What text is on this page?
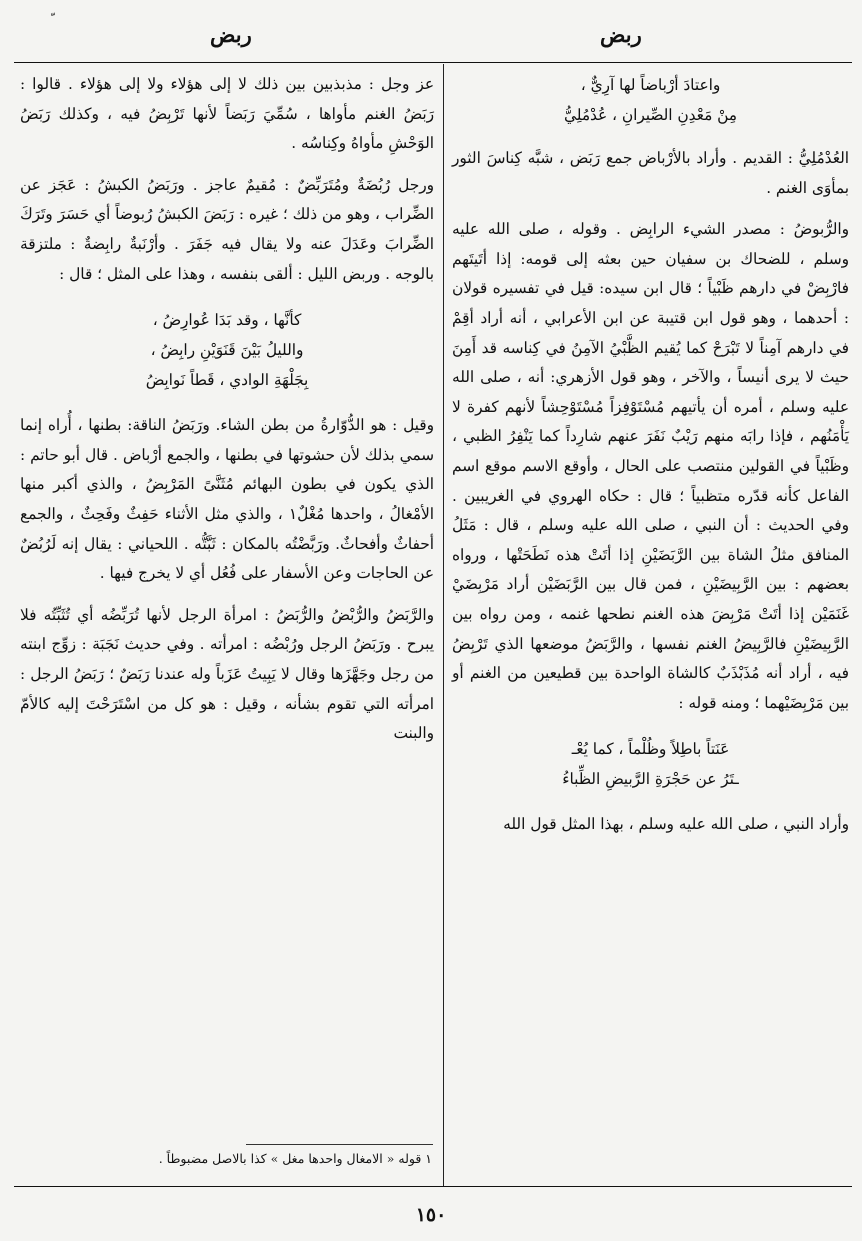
ربض
ربض
واعتادَ أرْباضاً لها آرِيٌّ ،
مِنْ مَعْدِنِ الصِّيرانِ ، عُدْمُلِيُّ

العُدْمُلِيُّ : القديم . وأراد بالأرْباض جمع رَبَض ، شبَّه كِناسَ الثور بمأوَى الغنم .

والرُّبوضُ : مصدر الشيء الرابِض . وقوله ، صلى الله عليه وسلم ، للضحاك بن سفيان حين بعثه إلى قومه: إذا أتَيتَهم فارْبِضْ في دارهم ظَبْياً ؛ قال ابن سيده: قيل في تفسيره قولان : أحدهما ، وهو قول ابن قتيبة عن ابن الأعرابي ، أنه أراد أقِمْ في دارهم آمِناً لا تَبْرَحْ كما يُقيم الظَّبْيُ الآمِنُ في كِناسه قد أَمِنَ حيث لا يرى أنيساً ، والآخر ، وهو قول الأزهري: أنه ، صلى الله عليه وسلم ، أمره أن يأتيهم مُسْتَوْفِزاً مُسْتَوْحِشاً لأنهم كفرة لا يَأْمَنُهم ، فإذا رابَه منهم رَيْبٌ نَفَرَ عنهم شارِداً كما يَنْفِرُ الظبي ، وظَبْياً في القولين منتصب على الحال ، وأوقع الاسم موقع اسم الفاعل كأنه قدّره متظبياً ؛ قال : حكاه الهروي في الغريبين . وفي الحديث : أن النبي ، صلى الله عليه وسلم ، قال : مَثَلُ المنافق مثلُ الشاة بين الرَّبَضَيْنِ إذا أتَتْ هذه نَطَحَتْها ، ورواه بعضهم : بين الرَّبِيضَيْنِ ، فمن قال بين الرَّبَضَيْن أراد مَرْبِضَيْ غَنَمَيْن إذا أتَتْ مَرْبِضَ هذه الغنم نطحها غنمه ، ومن رواه بين الرَّبِيضَيْنِ فالرَّبِيضُ الغنم نفسها ، والرَّبَضُ موضعها الذي تَرْبِضُ فيه ، أراد أنه مُذَبْذَبٌ كالشاة الواحدة بين قطيعين من الغنم أو بين مَرْبِضَيْهما ؛ ومنه قوله :

عَنَتاً باطِلاً وظُلْماً ، كما يُعْـ
ـتَرُ عن حَجْرَةِ الرَّبيضِ الظِّباءُ

وأراد النبي ، صلى الله عليه وسلم ، بهذا المثل قول الله

عز وجل : مذبذبين بين ذلك لا إلى هؤلاء ولا إلى هؤلاء . قالوا : رَبَضُ الغنم مأواها ، سُمِّيَ رَبَضاً لأنها تَرْبِضُ فيه ، وكذلك رَبَضُ الوَحْشِ مأواهُ وكِناسُه .

ورجل رُبُضَةٌ ومُتَرَبِّضٌ : مُقيمٌ عاجز . ورَبَضُ الكبشُ : عَجَز عن الضِّراب ، وهو من ذلك ؛ غيره : رَبَضَ الكبشُ رُبوضاً أي حَسَرَ وتَرَكَ الضِّرابَ وعَدَلَ عنه ولا يقال فيه جَفَرَ . وأرْنَبةٌ رابِضةٌ : ملتزقة بالوجه . وربض الليل : ألقى بنفسه ، وهذا على المثل ؛ قال :

كأنَّها ، وقد بَدَا عُوارِضُ ،
والليلُ بَيْنَ قَنَوَيْنِ رابِضُ ،
بِجَلْهَةِ الوادي ، قَطاً نَوابِضُ

وقيل : هو الدُّوّارةُ من بطن الشاء. ورَبَضُ الناقة: بطنها ، أُراه إنما سمي بذلك لأن حشوتها في بطنها ، والجمع أرْباض . قال أبو حاتم : الذي يكون في بطون البهائم مُثَنَّىً المَرْبِضُ ، والذي أكبر منها الأمْغالُ ، واحدها مُغْلٌ١ ، والذي مثل الأثناء حَفِثٌ وفَحِثٌ ، والجمع أحفاثٌ وأفحاثٌ. ورَبَّضْتُه بالمكان : ثَبَّتُّه . اللحياني : يقال إنه لَرُبُضٌ عن الحاجات وعن الأسفار على فُعُل أي لا يخرج فيها .

والرَّبَضُ والرُّبْضُ والرُّبَضُ : امرأة الرجل لأنها تُرَبِّضُه أي تُثَبِّتُه فلا يبرح . ورَبَضُ الرجل ورُبْضُه : امرأته . وفي حديث نَجَبَة : زوِّج ابنته من رجل وجَهَّزَها وقال لا يَبِيتُ عَزَباً وله عندنا رَبَضٌ ؛ رَبَضُ الرجل : امرأته التي تقوم بشأنه ، وقيل : هو كل من اسْتَرَحْتَ إليه كالأمّ والبنت

١ قوله « الامغال واحدها مغل » كذا بالاصل مضبوطاً .
١٥٠
